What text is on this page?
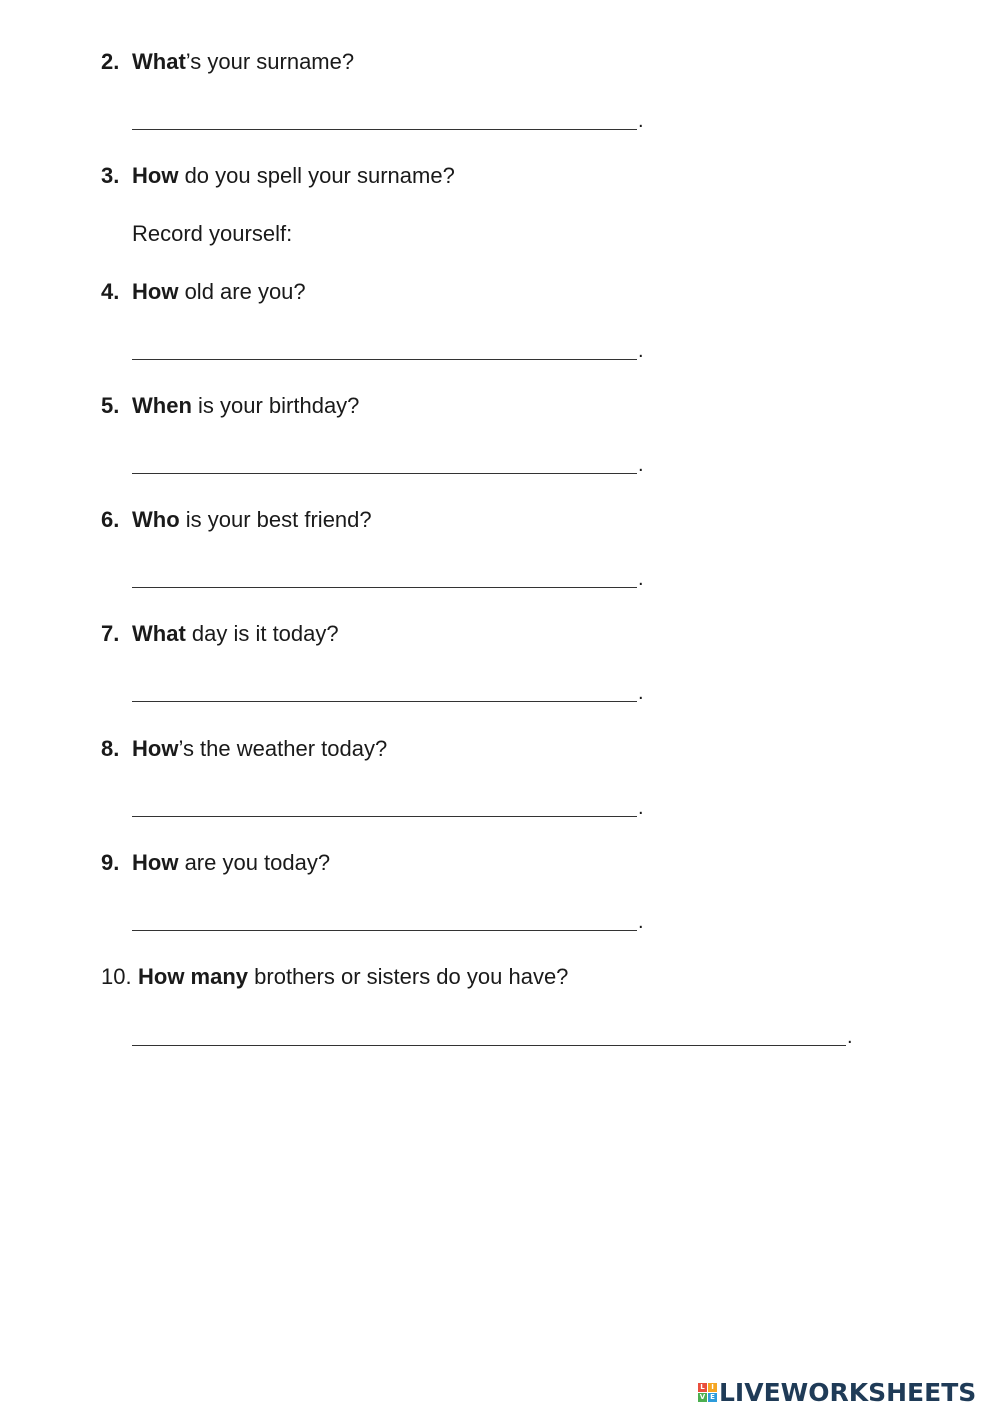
2. What’s your surname?
.
3. How do you spell your surname?
Record yourself:
4. How old are you?
.
5. When is your birthday?
.
6. Who is your best friend?
.
7. What day is it today?
.
8. How’s the weather today?
.
9. How are you today?
.
10. How many brothers or sisters do you have?
.
L I
V E LIVEWORKSHEETS
